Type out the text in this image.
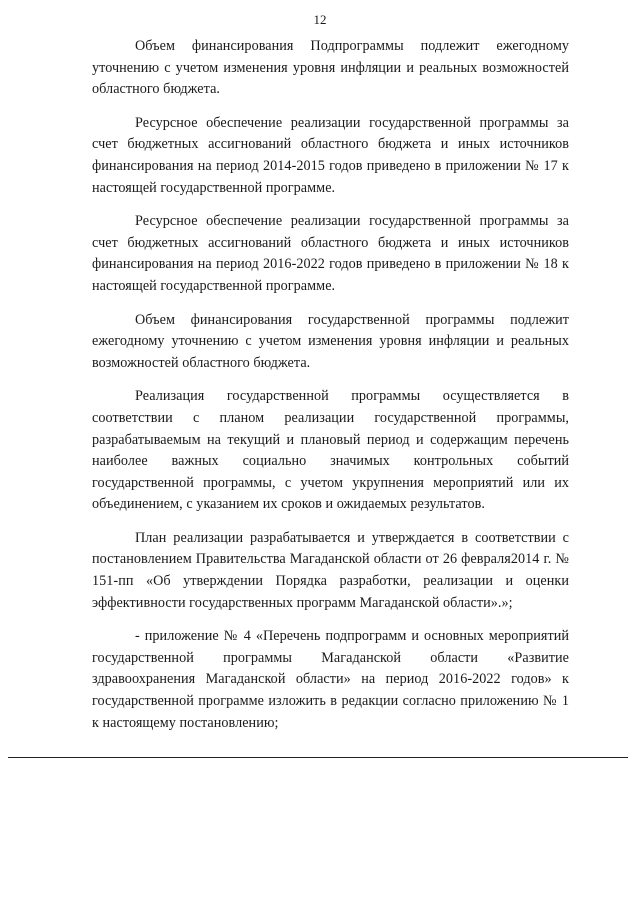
12

Объем финансирования Подпрограммы подлежит ежегодному уточнению с учетом изменения уровня инфляции и реальных возможностей областного бюджета.

Ресурсное обеспечение реализации государственной программы за счет бюджетных ассигнований областного бюджета и иных источников финансирования на период 2014-2015 годов приведено в приложении № 17 к настоящей государственной программе.

Ресурсное обеспечение реализации государственной программы за счет бюджетных ассигнований областного бюджета и иных источников финансирования на период 2016-2022 годов приведено в приложении № 18 к настоящей государственной программе.

Объем финансирования государственной программы подлежит ежегодному уточнению с учетом изменения уровня инфляции и реальных возможностей областного бюджета.

Реализация государственной программы осуществляется в соответствии с планом реализации государственной программы, разрабатываемым на текущий и плановый период и содержащим перечень наиболее важных социально значимых контрольных событий государственной программы, с учетом укрупнения мероприятий или их объединением, с указанием их сроков и ожидаемых результатов.

План реализации разрабатывается и утверждается в соответствии с постановлением Правительства Магаданской области от 26 февраля2014 г. № 151-пп «Об утверждении Порядка разработки, реализации и оценки эффективности государственных программ Магаданской области».»;

- приложение № 4 «Перечень подпрограмм и основных мероприятий государственной программы Магаданской области «Развитие здравоохранения Магаданской области» на период 2016-2022 годов» к государственной программе изложить в редакции согласно приложению № 1 к настоящему постановлению;
